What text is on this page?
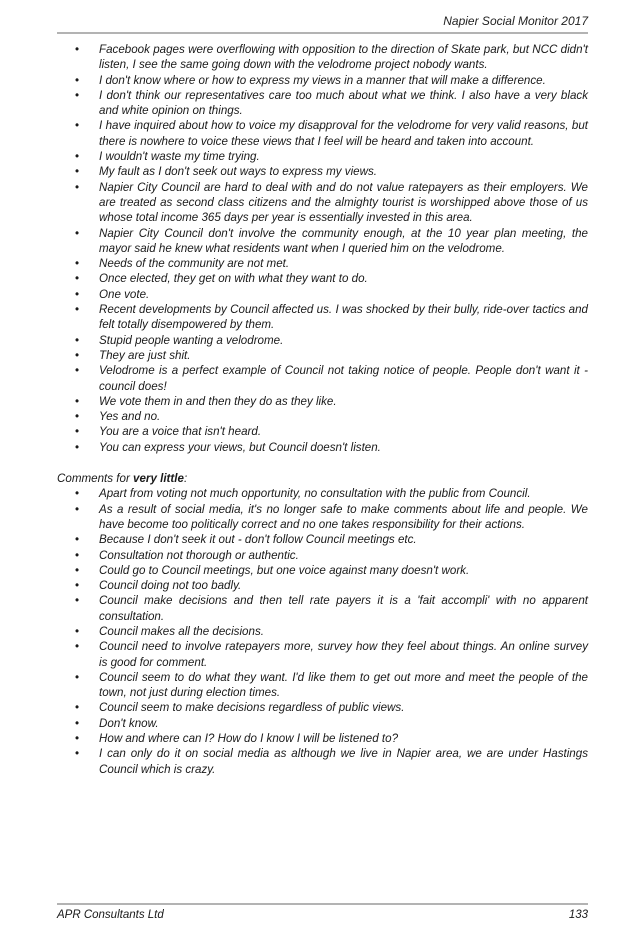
Napier Social Monitor 2017
• Facebook pages were overflowing with opposition to the direction of Skate park, but NCC didn't listen, I see the same going down with the velodrome project nobody wants.
• I don't know where or how to express my views in a manner that will make a difference.
• I don't think our representatives care too much about what we think. I also have a very black and white opinion on things.
• I have inquired about how to voice my disapproval for the velodrome for very valid reasons, but there is nowhere to voice these views that I feel will be heard and taken into account.
• I wouldn't waste my time trying.
• My fault as I don't seek out ways to express my views.
• Napier City Council are hard to deal with and do not value ratepayers as their employers. We are treated as second class citizens and the almighty tourist is worshipped above those of us whose total income 365 days per year is essentially invested in this area.
• Napier City Council don't involve the community enough, at the 10 year plan meeting, the mayor said he knew what residents want when I queried him on the velodrome.
• Needs of the community are not met.
• Once elected, they get on with what they want to do.
• One vote.
• Recent developments by Council affected us. I was shocked by their bully, ride-over tactics and felt totally disempowered by them.
• Stupid people wanting a velodrome.
• They are just shit.
• Velodrome is a perfect example of Council not taking notice of people. People don't want it - council does!
• We vote them in and then they do as they like.
• Yes and no.
• You are a voice that isn't heard.
• You can express your views, but Council doesn't listen.
Comments for very little:
• Apart from voting not much opportunity, no consultation with the public from Council.
• As a result of social media, it's no longer safe to make comments about life and people. We have become too politically correct and no one takes responsibility for their actions.
• Because I don't seek it out - don't follow Council meetings etc.
• Consultation not thorough or authentic.
• Could go to Council meetings, but one voice against many doesn't work.
• Council doing not too badly.
• Council make decisions and then tell rate payers it is a 'fait accompli' with no apparent consultation.
• Council makes all the decisions.
• Council need to involve ratepayers more, survey how they feel about things. An online survey is good for comment.
• Council seem to do what they want. I'd like them to get out more and meet the people of the town, not just during election times.
• Council seem to make decisions regardless of public views.
• Don't know.
• How and where can I? How do I know I will be listened to?
• I can only do it on social media as although we live in Napier area, we are under Hastings Council which is crazy.
APR Consultants Ltd	133
